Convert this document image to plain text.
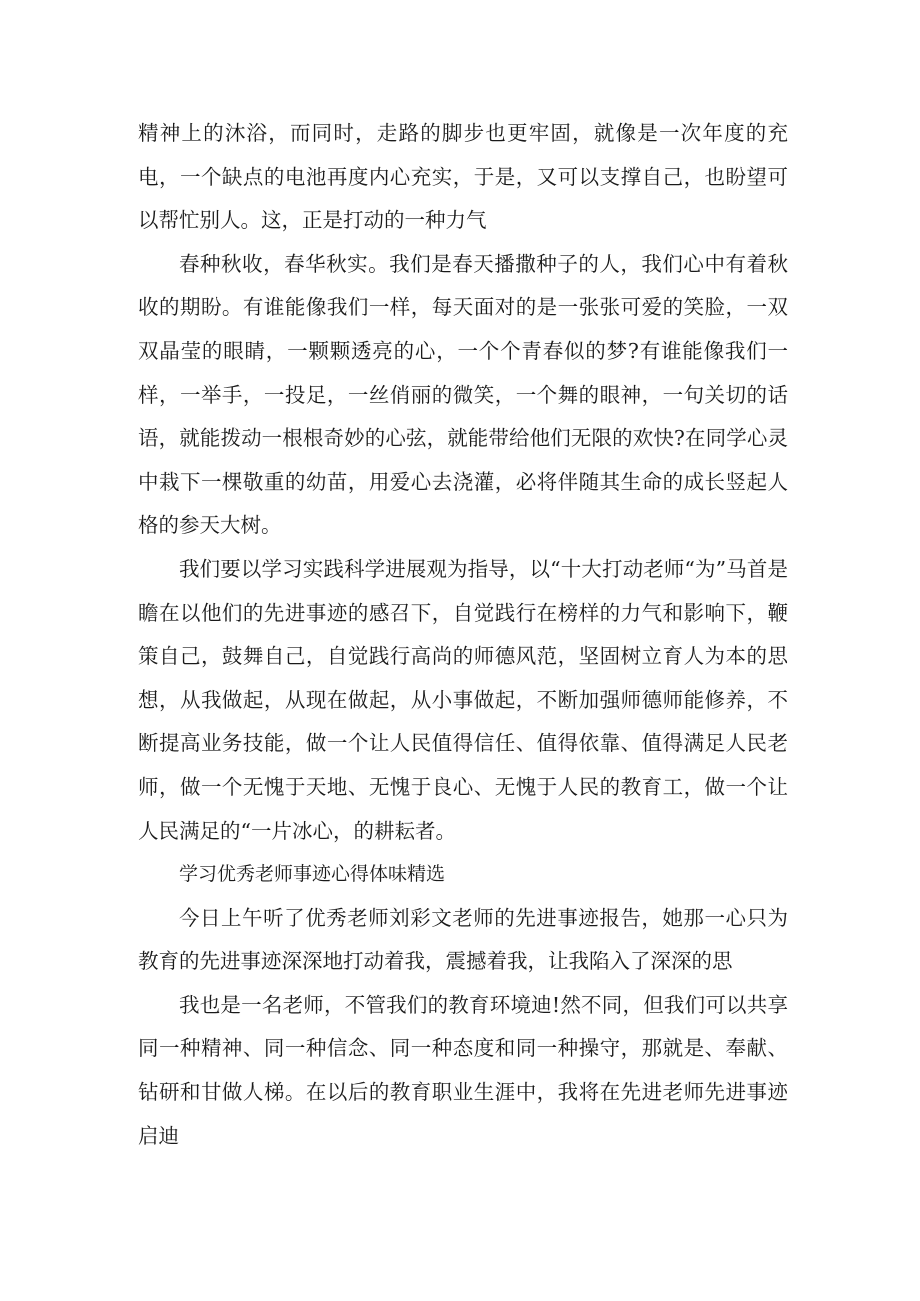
精神上的沐浴，而同时，走路的脚步也更牢固，就像是一次年度的充电，一个缺点的电池再度内心充实，于是，又可以支撑自己，也盼望可以帮忙别人。这，正是打动的一种力气

春种秋收，春华秋实。我们是春天播撒种子的人，我们心中有着秋收的期盼。有谁能像我们一样，每天面对的是一张张可爱的笑脸，一双双晶莹的眼睛，一颗颗透亮的心，一个个青春似的梦?有谁能像我们一样，一举手，一投足，一丝俏丽的微笑，一个舞的眼神，一句关切的话语，就能拨动一根根奇妙的心弦，就能带给他们无限的欢快?在同学心灵中栽下一棵敬重的幼苗，用爱心去浇灌，必将伴随其生命的成长竖起人格的参天大树。

我们要以学习实践科学进展观为指导，以“十大打动老师“为”马首是瞻在以他们的先进事迹的感召下，自觉践行在榜样的力气和影响下，鞭策自己，鼓舞自己，自觉践行高尚的师德风范，坚固树立育人为本的思想，从我做起，从现在做起，从小事做起，不断加强师德师能修养，不断提高业务技能，做一个让人民值得信任、值得依靠、值得满足人民老师，做一个无愧于天地、无愧于良心、无愧于人民的教育工，做一个让人民满足的“一片冰心，的耕耘者。

学习优秀老师事迹心得体味精选

今日上午听了优秀老师刘彩文老师的先进事迹报告，她那一心只为教育的先进事迹深深地打动着我，震撼着我，让我陷入了深深的思

我也是一名老师，不管我们的教育环境迪!然不同，但我们可以共享同一种精神、同一种信念、同一种态度和同一种操守，那就是、奉献、钻研和甘做人梯。在以后的教育职业生涯中，我将在先进老师先进事迹启迪
